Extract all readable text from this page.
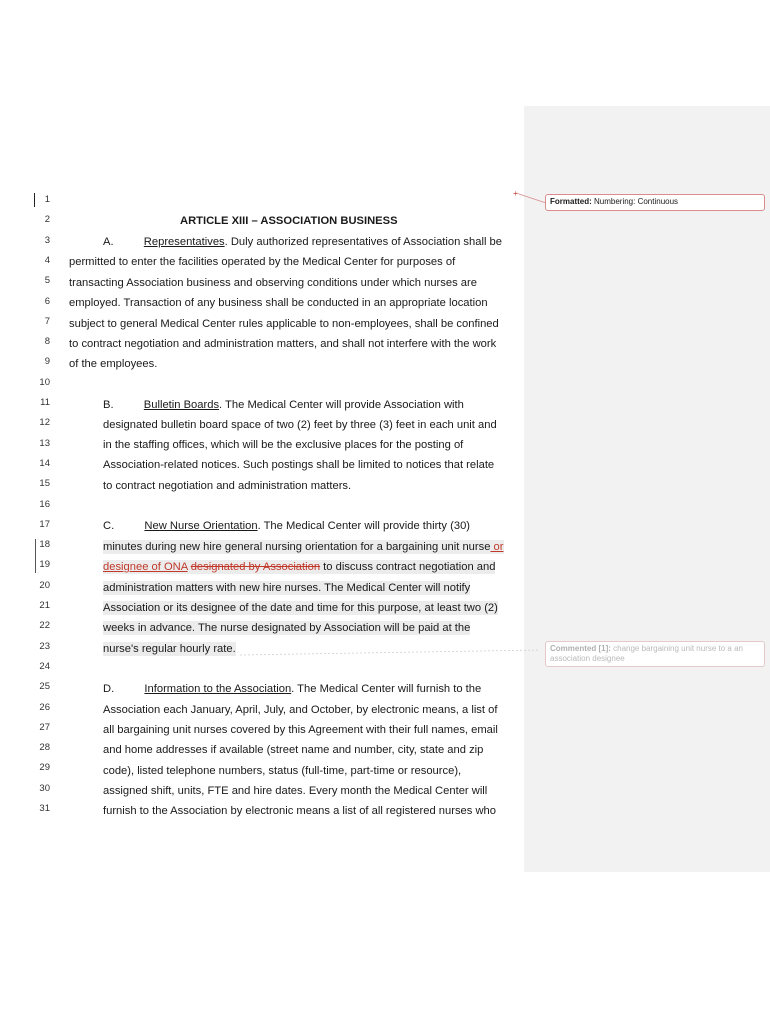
+
1
2
3
4
5
6
7
8
9
10
11
12
13
14
15
16
17
18
19
20
21
22
23
24
25
26
27
28
29
30
31
ARTICLE XIII – ASSOCIATION BUSINESS
A.	Representatives. Duly authorized representatives of Association shall be
permitted to enter the facilities operated by the Medical Center for purposes of
transacting Association business and observing conditions under which nurses are
employed. Transaction of any business shall be conducted in an appropriate location
subject to general Medical Center rules applicable to non-employees, shall be confined
to contract negotiation and administration matters, and shall not interfere with the work
of the employees.
B.	Bulletin Boards. The Medical Center will provide Association with
designated bulletin board space of two (2) feet by three (3) feet in each unit and
in the staffing offices, which will be the exclusive places for the posting of
Association-related notices. Such postings shall be limited to notices that relate
to contract negotiation and administration matters.
C.	New Nurse Orientation. The Medical Center will provide thirty (30)
minutes during new hire general nursing orientation for a bargaining unit nurse or
designee of ONA designated by Association to discuss contract negotiation and
administration matters with new hire nurses. The Medical Center will notify
Association or its designee of the date and time for this purpose, at least two (2)
weeks in advance. The nurse designated by Association will be paid at the
nurse's regular hourly rate.
D.	Information to the Association. The Medical Center will furnish to the
Association each January, April, July, and October, by electronic means, a list of
all bargaining unit nurses covered by this Agreement with their full names, email
and home addresses if available (street name and number, city, state and zip
code), listed telephone numbers, status (full-time, part-time or resource),
assigned shift, units, FTE and hire dates. Every month the Medical Center will
furnish to the Association by electronic means a list of all registered nurses who
Formatted: Numbering: Continuous
Commented [1]: change bargaining unit nurse to a an association designee
